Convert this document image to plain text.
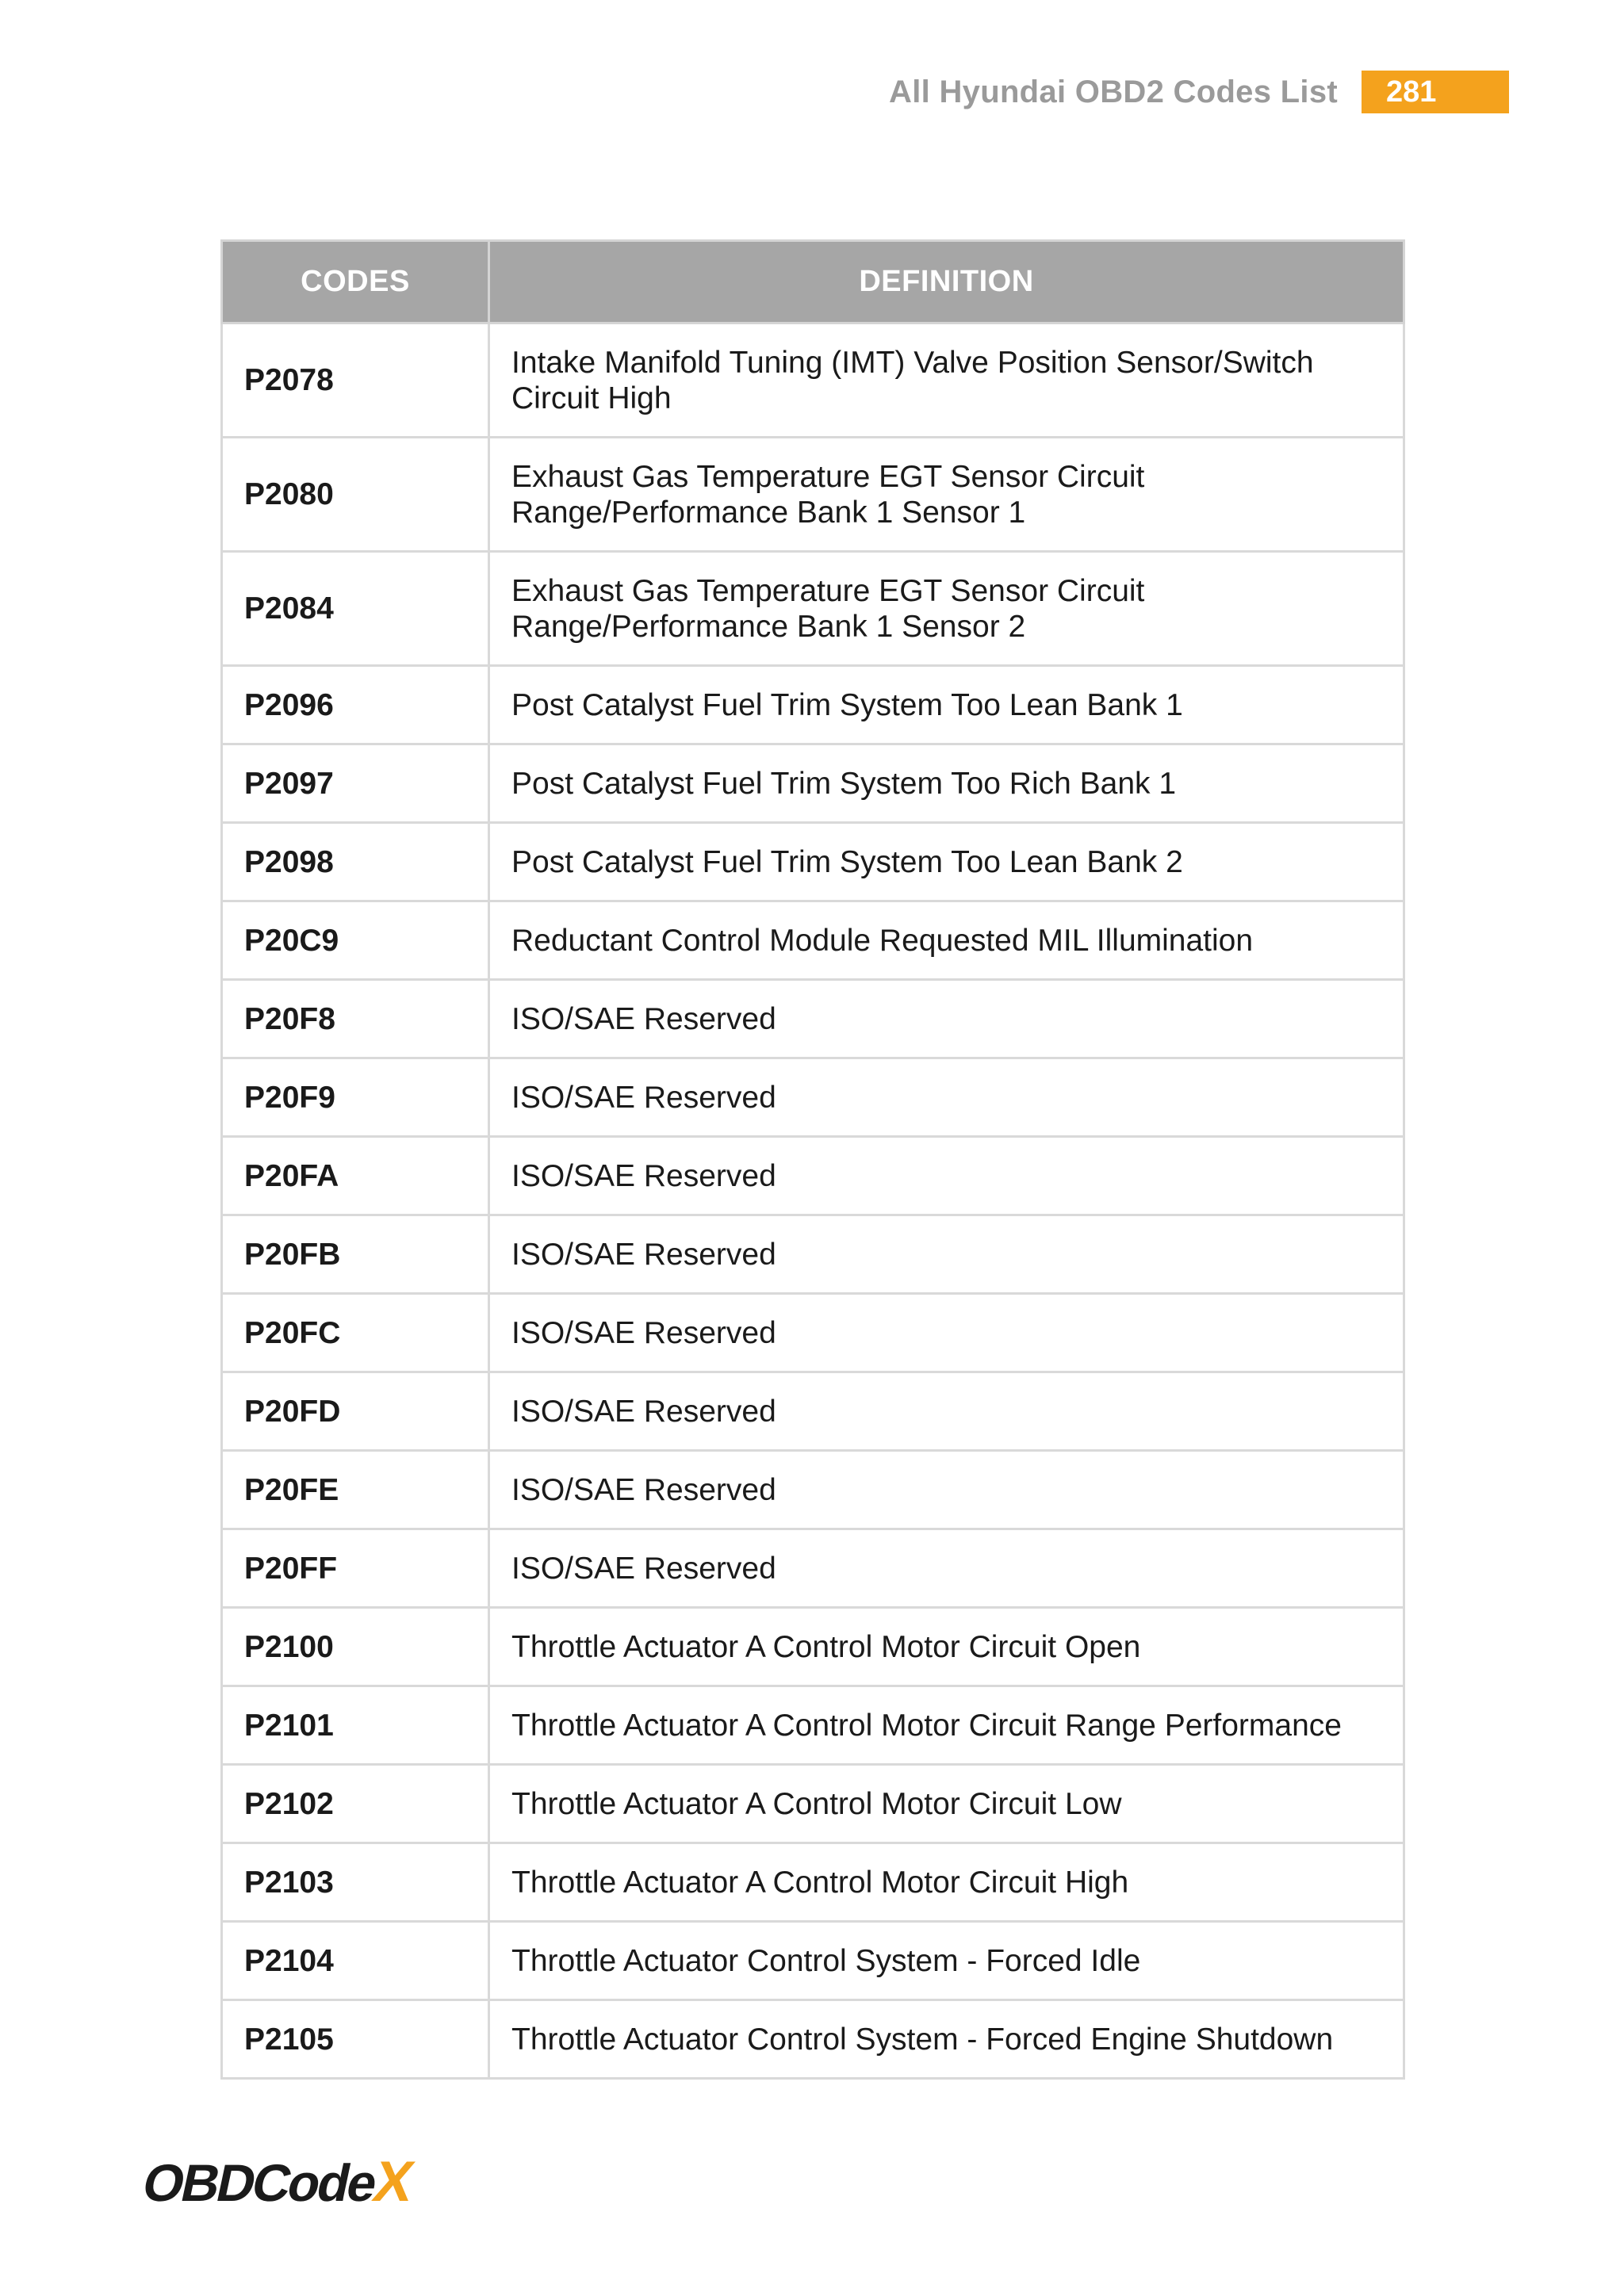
All Hyundai OBD2 Codes List	281
CODES	DEFINITION
P2078	Intake Manifold Tuning (IMT) Valve Position Sensor/Switch
Circuit High

P2080	Exhaust Gas Temperature EGT Sensor Circuit
Range/Performance Bank 1 Sensor 1

P2084	Exhaust Gas Temperature EGT Sensor Circuit
Range/Performance Bank 1 Sensor 2

P2096	Post Catalyst Fuel Trim System Too Lean Bank 1

P2097	Post Catalyst Fuel Trim System Too Rich Bank 1

P2098	Post Catalyst Fuel Trim System Too Lean Bank 2

P20C9	Reductant Control Module Requested MIL Illumination

P20F8	ISO/SAE Reserved

P20F9	ISO/SAE Reserved

P20FA	ISO/SAE Reserved

P20FB	ISO/SAE Reserved

P20FC	ISO/SAE Reserved

P20FD	ISO/SAE Reserved

P20FE	ISO/SAE Reserved

P20FF	ISO/SAE Reserved

P2100	Throttle Actuator A Control Motor Circuit Open

P2101	Throttle Actuator A Control Motor Circuit Range Performance

P2102	Throttle Actuator A Control Motor Circuit Low

P2103	Throttle Actuator A Control Motor Circuit High

P2104	Throttle Actuator Control System - Forced Idle

P2105	Throttle Actuator Control System - Forced Engine Shutdown
OBDCodeX
